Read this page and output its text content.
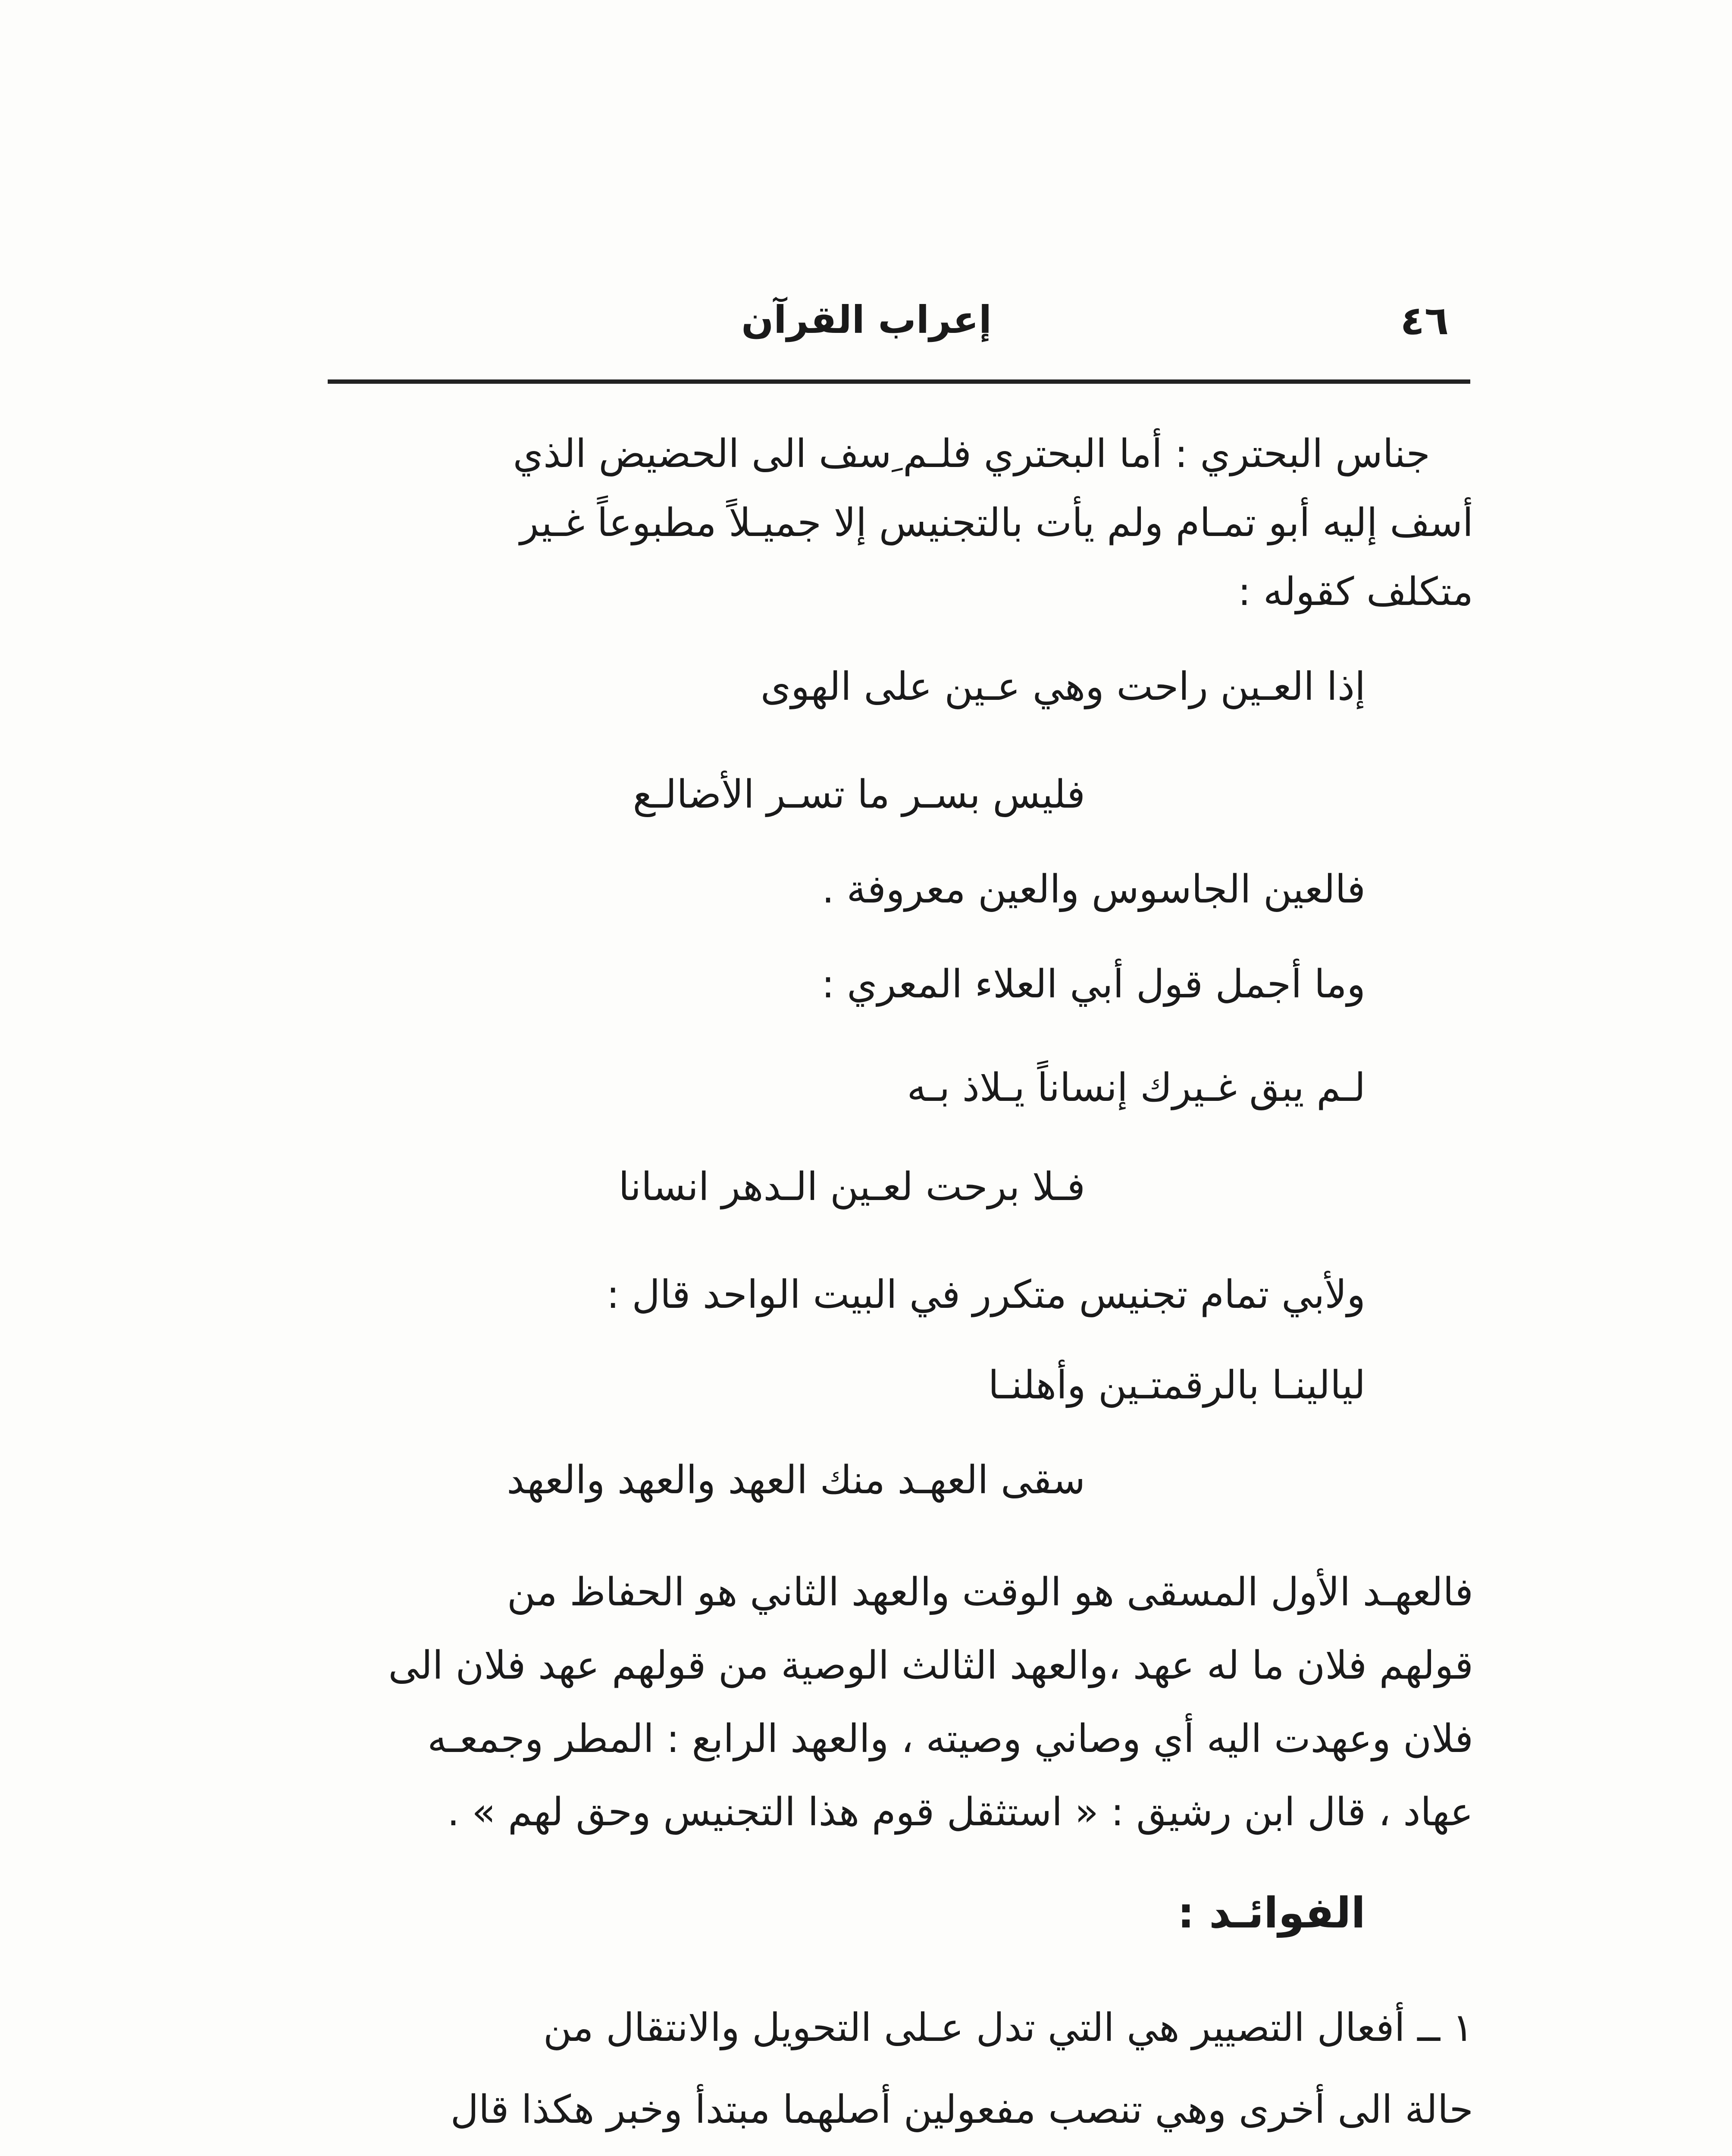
إعراب القرآن	٤٦
جناس البحتري : أما البحتري فلـم ِسف الى الحضيض الذي
أسف إليه أبو تمـام ولم يأت بالتجنيس إلا جميـلاً مطبوعاً غـير
متكلف كقوله :
إذا العـين راحت وهي عـين على الهوى
فليس بسـر ما تسـر الأضالـع
فالعين الجاسوس والعين معروفة .
وما أجمل قول أبي العلاء المعري :
لـم يبق غـيرك إنساناً يـلاذ بـه
فـلا برحت لعـين الـدهر انسانا
ولأبي تمام تجنيس متكرر في البيت الواحد قال :
ليالينـا بالرقمتـين وأهلنـا
سقى العهـد منك العهد والعهد والعهد
فالعهـد الأول المسقى هو الوقت والعهد الثاني هو الحفاظ من
قولهم فلان ما له عهد ،والعهد الثالث الوصية من قولهم عهد فلان الى
فلان وعهدت اليه أي وصاني وصيته ، والعهد الرابع : المطر وجمعـه
عهاد ، قال ابن رشيق : « استثقل قوم هذا التجنيس وحق لهم » .
الفوائـد :
١ ــ أفعال التصيير هي التي تدل عـلى التحويل والانتقال من
حالة الى أخرى وهي تنصب مفعولين أصلهما مبتدأ وخبر هكذا قال
